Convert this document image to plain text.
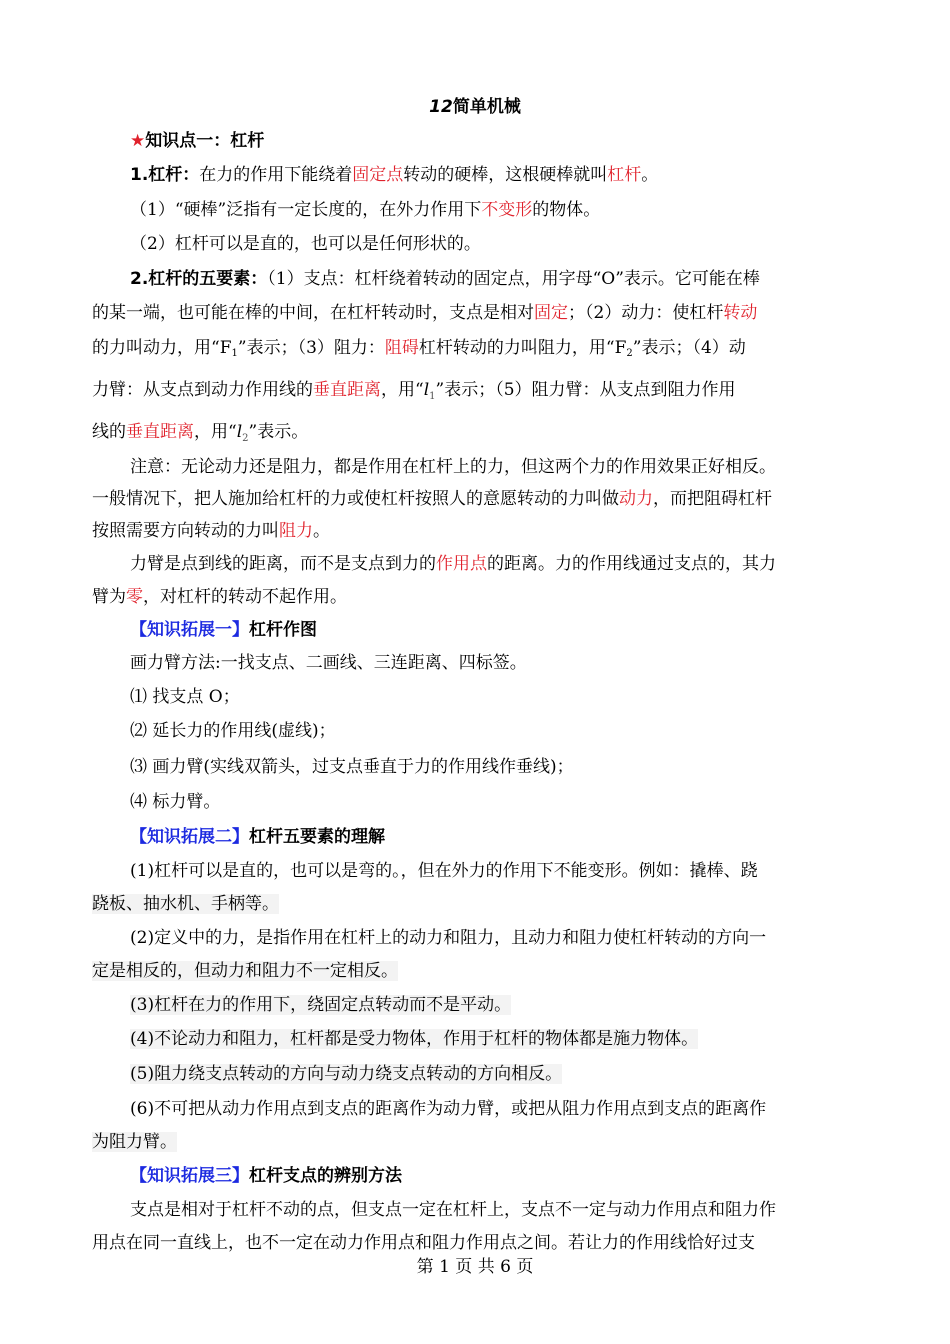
12简单机械
★知识点一：杠杆
1.杠杆：在力的作用下能绕着固定点转动的硬棒，这根硬棒就叫杠杆。
（1）“硬棒”泛指有一定长度的，在外力作用下不变形的物体。
（2）杠杆可以是直的，也可以是任何形状的。
2.杠杆的五要素：（1）支点：杠杆绕着转动的固定点，用字母“O”表示。它可能在棒
的某一端，也可能在棒的中间，在杠杆转动时，支点是相对固定；（2）动力：使杠杆转动
的力叫动力，用“$F_1$”表示；（3）阻力：阻碍杠杆转动的力叫阻力，用“$F_2$”表示；（4）动
力臂：从支点到动力作用线的垂直距离，用“$l_1$”表示；（5）阻力臂：从支点到阻力作用
线的垂直距离，用“$l_2$”表示。
注意：无论动力还是阻力，都是作用在杠杆上的力，但这两个力的作用效果正好相反。
一般情况下，把人施加给杠杆的力或使杠杆按照人的意愿转动的力叫做动力，而把阻碍杠杆
按照需要方向转动的力叫阻力。
力臂是点到线的距离，而不是支点到力的作用点的距离。力的作用线通过支点的，其力
臂为零，对杠杆的转动不起作用。
【知识拓展一】杠杆作图
画力臂方法:一找支点、二画线、三连距离、四标签。
⑴ 找支点 O；
⑵ 延长力的作用线(虚线)；
⑶ 画力臂(实线双箭头，过支点垂直于力的作用线作垂线)；
⑷ 标力臂。
【知识拓展二】杠杆五要素的理解
(1)杠杆可以是直的，也可以是弯的。，但在外力的作用下不能变形。例如：撬棒、跷
跷板、抽水机、手柄等。
(2)定义中的力，是指作用在杠杆上的动力和阻力，且动力和阻力使杠杆转动的方向一
定是相反的，但动力和阻力不一定相反。
(3)杠杆在力的作用下，绕固定点转动而不是平动。
(4)不论动力和阻力，杠杆都是受力物体，作用于杠杆的物体都是施力物体。
(5)阻力绕支点转动的方向与动力绕支点转动的方向相反。
(6)不可把从动力作用点到支点的距离作为动力臂，或把从阻力作用点到支点的距离作
为阻力臂。
【知识拓展三】杠杆支点的辨别方法
支点是相对于杠杆不动的点，但支点一定在杠杆上，支点不一定与动力作用点和阻力作
用点在同一直线上，也不一定在动力作用点和阻力作用点之间。若让力的作用线恰好过支
第 1 页 共 6 页
